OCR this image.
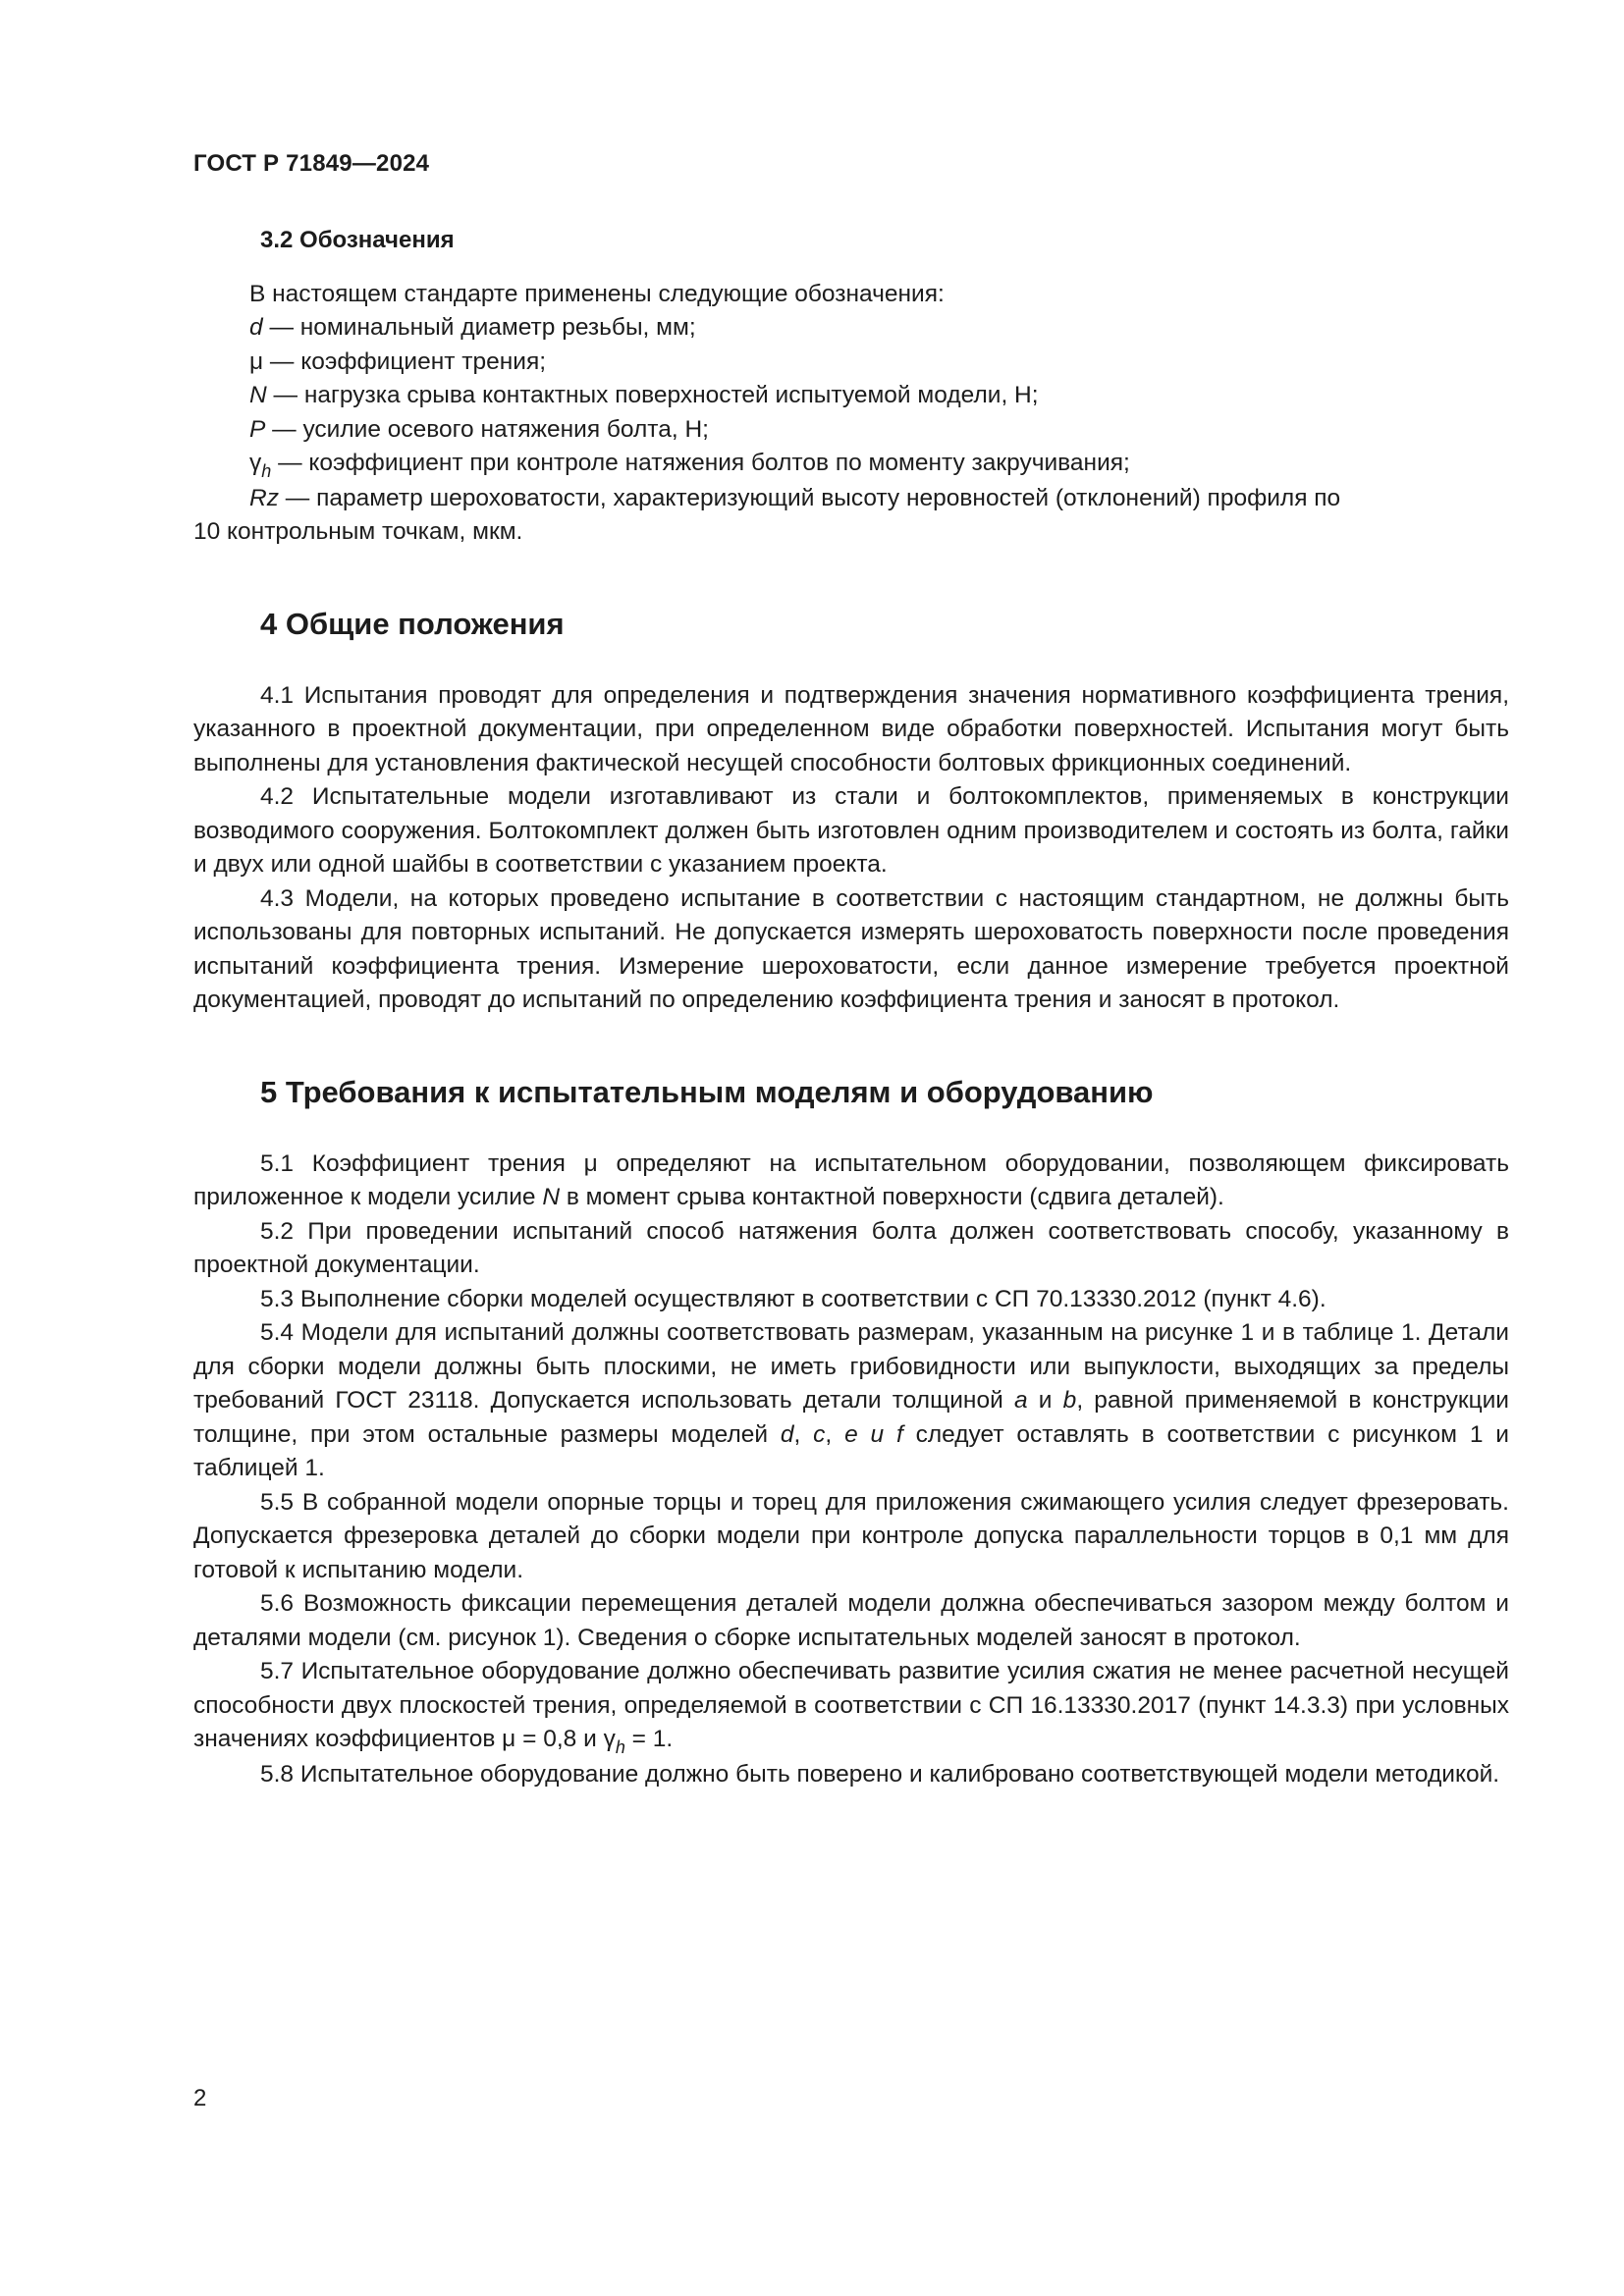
ГОСТ Р 71849—2024
3.2 Обозначения
В настоящем стандарте применены следующие обозначения:
d — номинальный диаметр резьбы, мм;
μ — коэффициент трения;
N — нагрузка срыва контактных поверхностей испытуемой модели, Н;
P — усилие осевого натяжения болта, Н;
$\gamma_h$ — коэффициент при контроле натяжения болтов по моменту закручивания;
Rz — параметр шероховатости, характеризующий высоту неровностей (отклонений) профиля по
10 контрольным точкам, мкм.
4 Общие положения

4.1 Испытания проводят для определения и подтверждения значения нормативного коэффициента трения, указанного в проектной документации, при определенном виде обработки поверхностей. Испытания могут быть выполнены для установления фактической несущей способности болтовых фрикционных соединений.

4.2 Испытательные модели изготавливают из стали и болтокомплектов, применяемых в конструкции возводимого сооружения. Болтокомплект должен быть изготовлен одним производителем и состоять из болта, гайки и двух или одной шайбы в соответствии с указанием проекта.

4.3 Модели, на которых проведено испытание в соответствии с настоящим стандартном, не должны быть использованы для повторных испытаний. Не допускается измерять шероховатость поверхности после проведения испытаний коэффициента трения. Измерение шероховатости, если данное измерение требуется проектной документацией, проводят до испытаний по определению коэффициента трения и заносят в протокол.

5 Требования к испытательным моделям и оборудованию

5.1 Коэффициент трения μ определяют на испытательном оборудовании, позволяющем фиксировать приложенное к модели усилие N в момент срыва контактной поверхности (сдвига деталей).

5.2 При проведении испытаний способ натяжения болта должен соответствовать способу, указанному в проектной документации.

5.3 Выполнение сборки моделей осуществляют в соответствии с СП 70.13330.2012 (пункт 4.6).

5.4 Модели для испытаний должны соответствовать размерам, указанным на рисунке 1 и в таблице 1. Детали для сборки модели должны быть плоскими, не иметь грибовидности или выпуклости, выходящих за пределы требований ГОСТ 23118. Допускается использовать детали толщиной a и b, равной применяемой в конструкции толщине, при этом остальные размеры моделей d, c, e и f следует оставлять в соответствии с рисунком 1 и таблицей 1.

5.5 В собранной модели опорные торцы и торец для приложения сжимающего усилия следует фрезеровать. Допускается фрезеровка деталей до сборки модели при контроле допуска параллельности торцов в 0,1 мм для готовой к испытанию модели.

5.6 Возможность фиксации перемещения деталей модели должна обеспечиваться зазором между болтом и деталями модели (см. рисунок 1). Сведения о сборке испытательных моделей заносят в протокол.

5.7 Испытательное оборудование должно обеспечивать развитие усилия сжатия не менее расчетной несущей способности двух плоскостей трения, определяемой в соответствии с СП 16.13330.2017 (пункт 14.3.3) при условных значениях коэффициентов μ = 0,8 и $\gamma_h = 1$.

5.8 Испытательное оборудование должно быть поверено и калибровано соответствующей модели методикой.

2
